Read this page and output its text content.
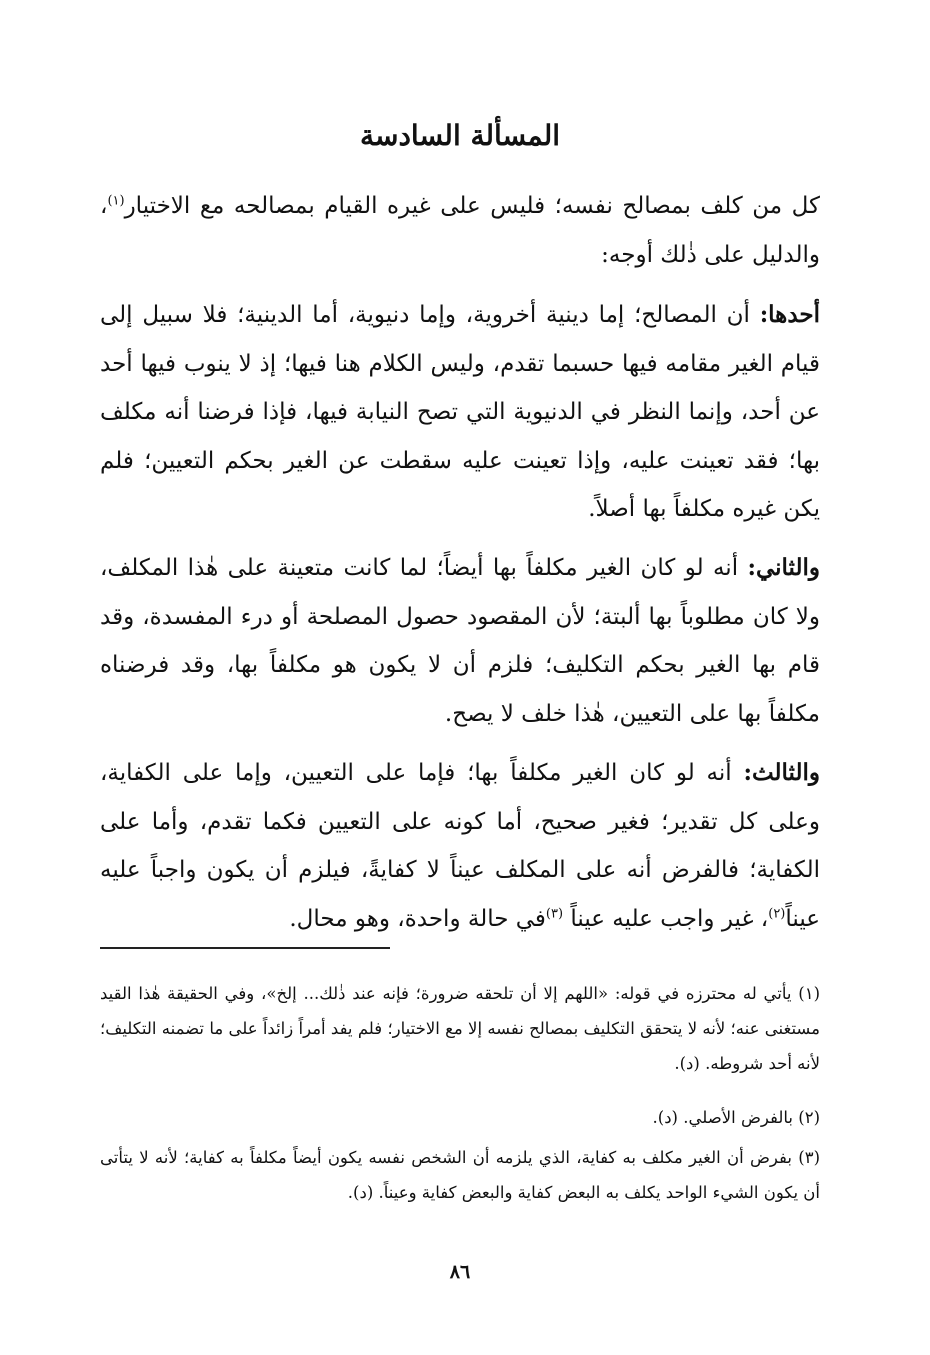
المسألة السادسة

كل من كلف بمصالح نفسه؛ فليس على غيره القيام بمصالحه مع الاختيار$^{(١)}$، والدليل على ذٰلك أوجه:

أحدها: أن المصالح؛ إما دينية أخروية، وإما دنيوية، أما الدينية؛ فلا سبيل إلى قيام الغير مقامه فيها حسبما تقدم، وليس الكلام هنا فيها؛ إذ لا ينوب فيها أحد عن أحد، وإنما النظر في الدنيوية التي تصح النيابة فيها، فإذا فرضنا أنه مكلف بها؛ فقد تعينت عليه، وإذا تعينت عليه سقطت عن الغير بحكم التعيين؛ فلم يكن غيره مكلفاً بها أصلاً.

والثاني: أنه لو كان الغير مكلفاً بها أيضاً؛ لما كانت متعينة على هٰذا المكلف، ولا كان مطلوباً بها ألبتة؛ لأن المقصود حصول المصلحة أو درء المفسدة، وقد قام بها الغير بحكم التكليف؛ فلزم أن لا يكون هو مكلفاً بها، وقد فرضناه مكلفاً بها على التعيين، هٰذا خلف لا يصح.

والثالث: أنه لو كان الغير مكلفاً بها؛ فإما على التعيين، وإما على الكفاية، وعلى كل تقدير؛ فغير صحيح، أما كونه على التعيين فكما تقدم، وأما على الكفاية؛ فالفرض أنه على المكلف عيناً لا كفايةً، فيلزم أن يكون واجباً عليه عيناً$^{(٢)}$، غير واجب عليه عيناً $^{(٣)}$في حالة واحدة، وهو محال.

(١) يأتي له محترزه في قوله: «اللهم إلا أن تلحقه ضرورة؛ فإنه عند ذٰلك... إلخ»، وفي الحقيقة هٰذا القيد مستغنى عنه؛ لأنه لا يتحقق التكليف بمصالح نفسه إلا مع الاختيار؛ فلم يفد أمراً زائداً على ما تضمنه التكليف؛ لأنه أحد شروطه. (د).

(٢) بالفرض الأصلي. (د).

(٣) بفرض أن الغير مكلف به كفاية، الذي يلزمه أن الشخص نفسه يكون أيضاً مكلفاً به كفاية؛ لأنه لا يتأتى أن يكون الشيء الواحد يكلف به البعض كفاية والبعض كفاية وعيناً. (د).

٨٦
